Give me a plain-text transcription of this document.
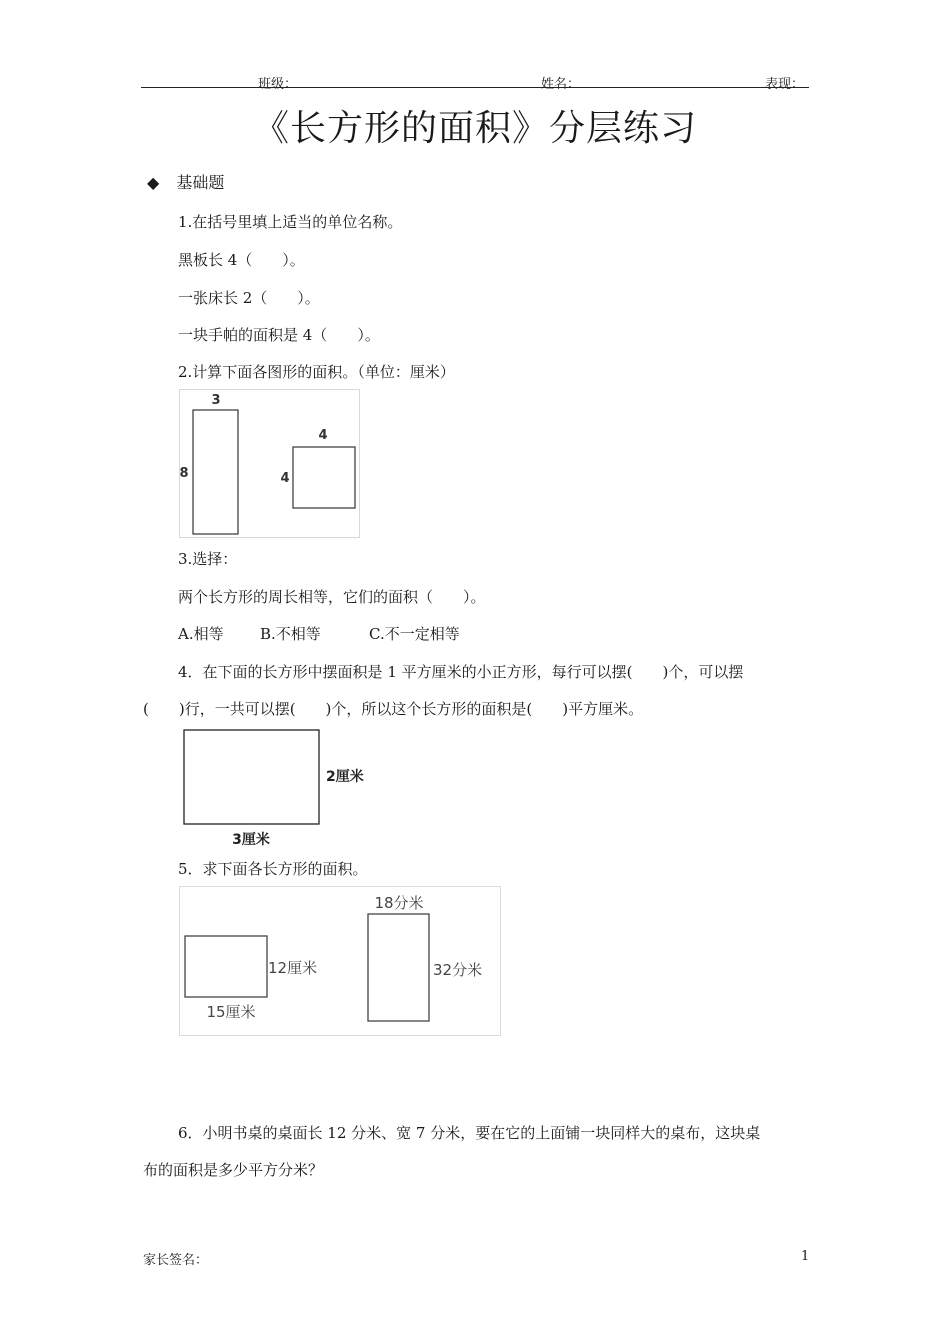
班级：	姓名：	表现：
《长方形的面积》分层练习
◆ 基础题
1.在括号里填上适当的单位名称。
黑板长 4（　　）。
一张床长 2（　　）。
一块手帕的面积是 4（　　）。
2.计算下面各图形的面积。（单位：厘米）
3
8
4
4
3.选择：
两个长方形的周长相等，它们的面积（　　）。
A.相等 B.不相等	C.不一定相等
4．在下面的长方形中摆面积是 1 平方厘米的小正方形，每行可以摆(　　)个，可以摆
(　　)行，一共可以摆(　　)个，所以这个长方形的面积是(　　)平方厘米。
2厘米
3厘米
5．求下面各长方形的面积。
12厘米
15厘米
18分米
32分米
6．小明书桌的桌面长 12 分米、宽 7 分米，要在它的上面铺一块同样大的桌布，这块桌
布的面积是多少平方分米？
家长签名：	1
